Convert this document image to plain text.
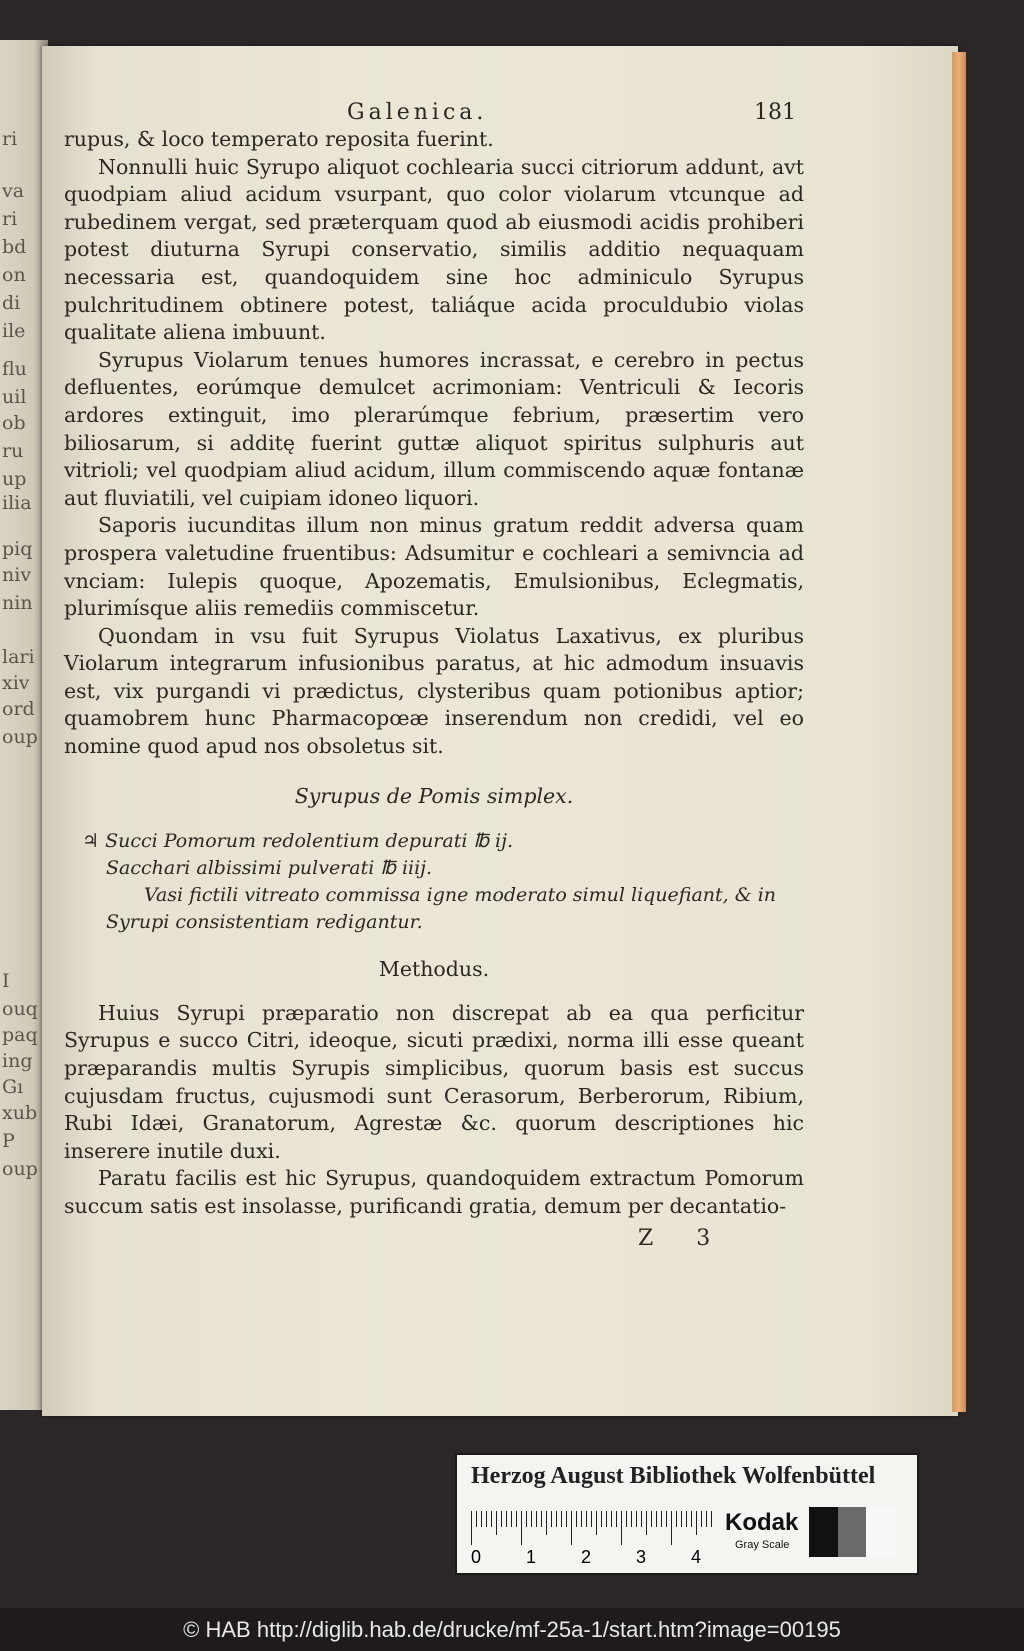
ri
va
ri
bd
on
di
ile
flu
uil
ob
ru
up
ilia
piq
niv
nin
lari
xiv
ord
oup
I
ouq
paq
ing
Gı
xub
P
oup
Galenica.	181

rupus, & loco temperato reposita fuerint.

Nonnulli huic Syrupo aliquot cochlearia succi citriorum addunt, avt quodpiam aliud acidum vsurpant, quo color violarum vtcunque ad rubedinem vergat, sed præterquam quod ab eiusmodi acidis prohiberi potest diuturna Syrupi conservatio, similis additio nequaquam necessaria est, quandoquidem sine hoc adminiculo Syrupus pulchritudinem obtinere potest, taliáque acida proculdubio violas qualitate aliena imbuunt.

Syrupus Violarum tenues humores incrassat, e cerebro in pectus defluentes, eorúmque demulcet acrimoniam: Ventriculi & Iecoris ardores extinguit, imo plerarúmque febrium, præsertim vero biliosarum, si additę fuerint guttæ aliquot spiritus sulphuris aut vitrioli; vel quodpiam aliud acidum, illum commiscendo aquæ fontanæ aut fluviatili, vel cuipiam idoneo liquori.

Saporis iucunditas illum non minus gratum reddit adversa quam prospera valetudine fruentibus: Adsumitur e cochleari a semivncia ad vnciam: Iulepis quoque, Apozematis, Emulsionibus, Eclegmatis, plurimísque aliis remediis commiscetur.

Quondam in vsu fuit Syrupus Violatus Laxativus, ex pluribus Violarum integrarum infusionibus paratus, at hic admodum insuavis est, vix purgandi vi prædictus, clysteribus quam potionibus aptior; quamobrem hunc Pharmacopœæ inserendum non credidi, vel eo nomine quod apud nos obsoletus sit.

Syrupus de Pomis simplex.

♃ Succi Pomorum redolentium depurati ℔ ij.

Sacchari albissimi pulverati ℔ iiij.

Vasi fictili vitreato commissa igne moderato simul liquefiant, & in

Syrupi consistentiam redigantur.

Methodus.

Huius Syrupi præparatio non discrepat ab ea qua perficitur Syrupus e succo Citri, ideoque, sicuti prædixi, norma illi esse queant præparandis multis Syrupis simplicibus, quorum basis est succus cujusdam fructus, cujusmodi sunt Cerasorum, Berberorum, Ribium, Rubi Idæi, Granatorum, Agrestæ &c. quorum descriptiones hic inserere inutile duxi.

Paratu facilis est hic Syrupus, quandoquidem extractum Pomorum succum satis est insolasse, purificandi gratia, demum per decantatio-

Z 3
Herzog August Bibliothek Wolfenbüttel
0 1 2 3 4
Kodak
Gray Scale
© HAB http://diglib.hab.de/drucke/mf-25a-1/start.htm?image=00195
